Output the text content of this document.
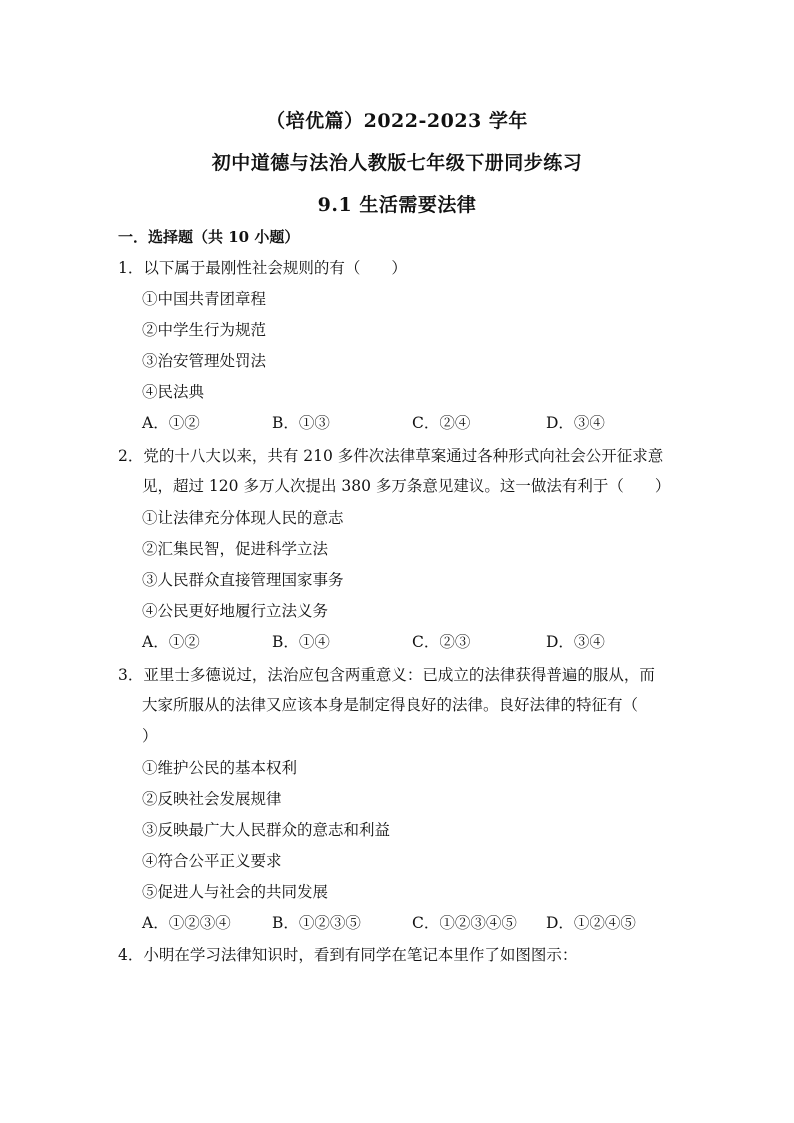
（培优篇）2022-2023 学年
初中道德与法治人教版七年级下册同步练习
9.1 生活需要法律
一．选择题（共 10 小题）
1．以下属于最刚性社会规则的有（　　）
①中国共青团章程
②中学生行为规范
③治安管理处罚法
④民法典
A．①②	B．①③	C．②④	D．③④
2．党的十八大以来，共有 210 多件次法律草案通过各种形式向社会公开征求意
见，超过 120 多万人次提出 380 多万条意见建议。这一做法有利于（　　）
①让法律充分体现人民的意志
②汇集民智，促进科学立法
③人民群众直接管理国家事务
④公民更好地履行立法义务
A．①②	B．①④	C．②③	D．③④
3．亚里士多德说过，法治应包含两重意义：已成立的法律获得普遍的服从，而
大家所服从的法律又应该本身是制定得良好的法律。良好法律的特征有（
）
①维护公民的基本权利
②反映社会发展规律
③反映最广大人民群众的意志和利益
④符合公平正义要求
⑤促进人与社会的共同发展
A．①②③④	B．①②③⑤	C．①②③④⑤ D．①②④⑤
4．小明在学习法律知识时，看到有同学在笔记本里作了如图图示：
